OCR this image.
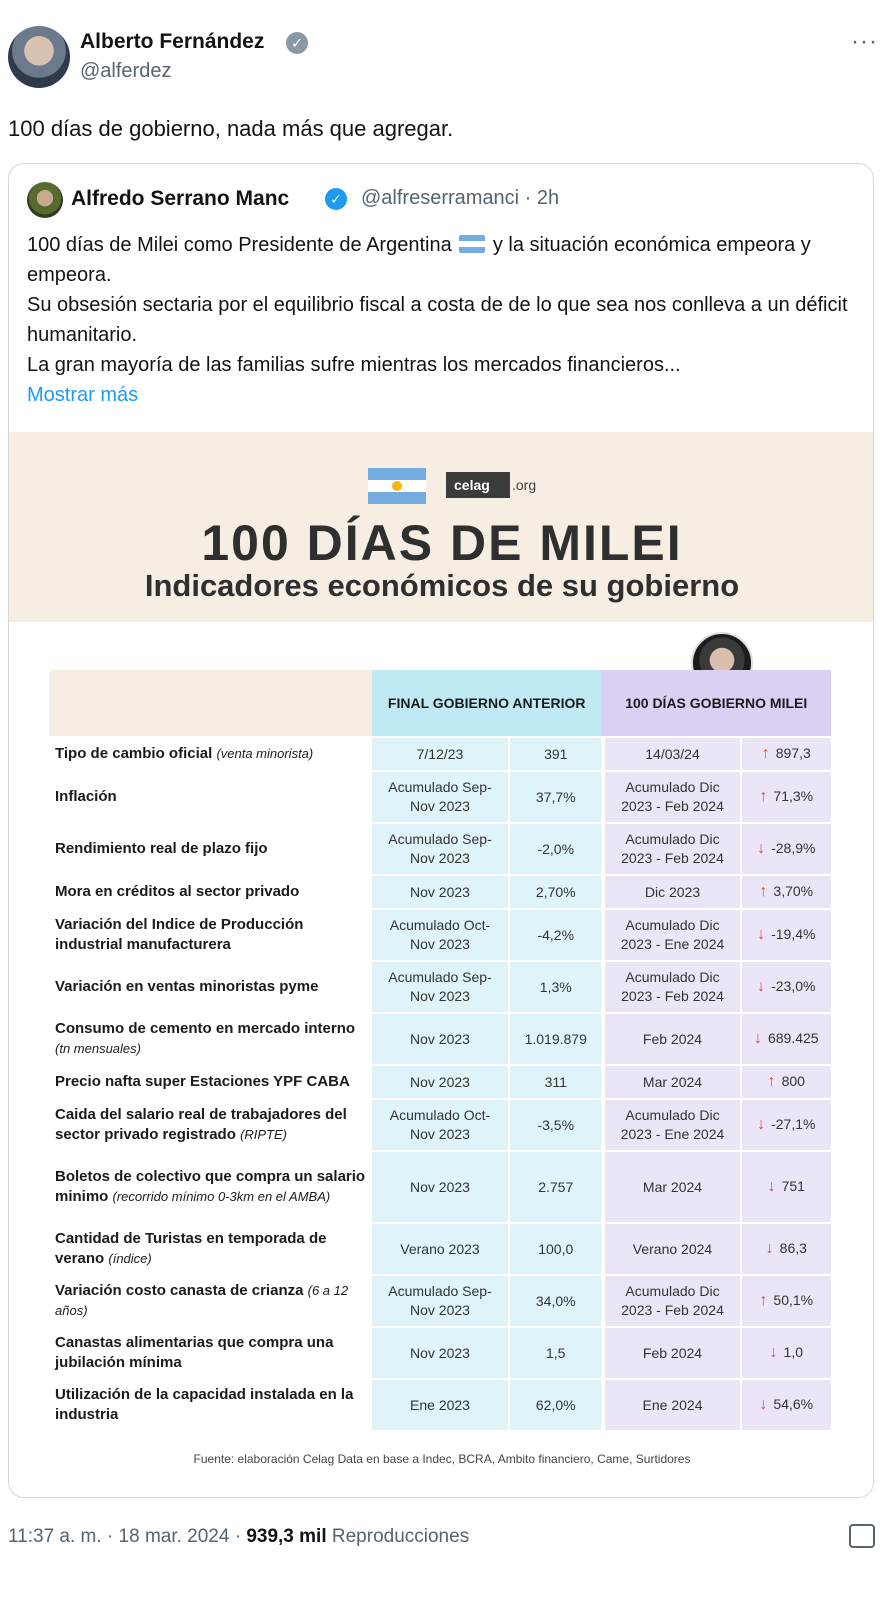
Alberto Fernández	✓
@alferdez
···
100 días de gobierno, nada más que agregar.
Alfredo Serrano Manc	✓ @alfreserramanci · 2h

100 días de Milei como Presidente de Argentina y la situación económica empeora y empeora.

Su obsesión sectaria por el equilibrio fiscal a costa de de lo que sea nos conlleva a un déficit humanitario.

La gran mayoría de las familias sufre mientras los mercados financieros...

Mostrar más
celag .org
100 DÍAS DE MILEI
Indicadores económicos de su gobierno
	FINAL GOBIERNO ANTERIOR		100 DÍAS GOBIERNO MILEI	
Tipo de cambio oficial (venta minorista)	7/12/23	391	14/03/24	↑ 897,3
Inflación	Acumulado Sep-Nov 2023	37,7%	Acumulado Dic 2023 - Feb 2024	↑ 71,3%
Rendimiento real de plazo fijo	Acumulado Sep-Nov 2023	-2,0%	Acumulado Dic 2023 - Feb 2024	↓ -28,9%
Mora en créditos al sector privado	Nov 2023	2,70%	Dic 2023	↑ 3,70%
Variación del Indice de Producción industrial manufacturera	Acumulado Oct-Nov 2023	-4,2%	Acumulado Dic 2023 - Ene 2024	↓ -19,4%
Variación en ventas minoristas pyme	Acumulado Sep-Nov 2023	1,3%	Acumulado Dic 2023 - Feb 2024	↓ -23,0%
Consumo de cemento en mercado interno (tn mensuales)	Nov 2023	1.019.879	Feb 2024	↓ 689.425
Precio nafta super Estaciones YPF CABA	Nov 2023	311	Mar 2024	↑ 800
Caida del salario real de trabajadores del sector privado registrado (RIPTE)	Acumulado Oct-Nov 2023	-3,5%	Acumulado Dic 2023 - Ene 2024	↓ -27,1%
Boletos de colectivo que compra un salario minimo (recorrido mínimo 0-3km en el AMBA)	Nov 2023	2.757	Mar 2024	↓ 751
Cantidad de Turistas en temporada de verano (índice)	Verano 2023	100,0	Verano 2024	↓ 86,3
Variación costo canasta de crianza (6 a 12 años)	Acumulado Sep-Nov 2023	34,0%	Acumulado Dic 2023 - Feb 2024	↑ 50,1%
Canastas alimentarias que compra una jubilación mínima	Nov 2023	1,5	Feb 2024	↓ 1,0
Utilización de la capacidad instalada en la industria	Ene 2023	62,0%	Ene 2024	↓ 54,6%
Fuente: elaboración Celag Data en base a Indec, BCRA, Ambito financiero, Came, Surtidores
11:37 a. m. · 18 mar. 2024 · 939,3 mil Reproducciones
